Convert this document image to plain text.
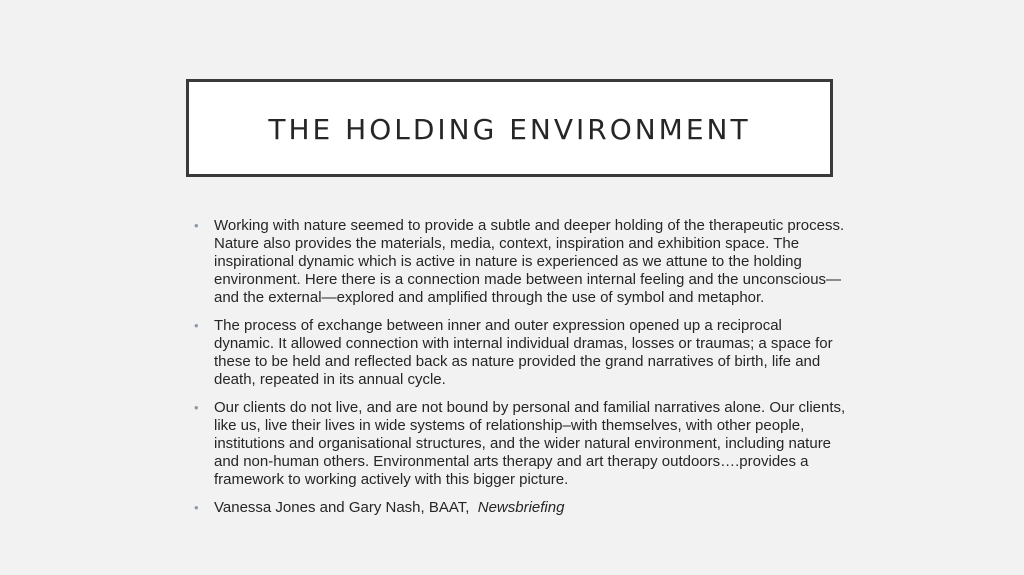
THE HOLDING ENVIRONMENT
• Working with nature seemed to provide a subtle and deeper holding of the therapeutic process. Nature also provides the materials, media, context, inspiration and exhibition space. The inspirational dynamic which is active in nature is experienced as we attune to the holding environment. Here there is a connection made between internal feeling and the unconscious—and the external—explored and amplified through the use of symbol and metaphor.
• The process of exchange between inner and outer expression opened up a reciprocal dynamic. It allowed connection with internal individual dramas, losses or traumas; a space for these to be held and reflected back as nature provided the grand narratives of birth, life and death, repeated in its annual cycle.
• Our clients do not live, and are not bound by personal and familial narratives alone. Our clients, like us, live their lives in wide systems of relationship–with themselves, with other people, institutions and organisational structures, and the wider natural environment, including nature and non-human others. Environmental arts therapy and art therapy outdoors….provides a framework to working actively with this bigger picture.
• Vanessa Jones and Gary Nash, BAAT,  Newsbriefing
